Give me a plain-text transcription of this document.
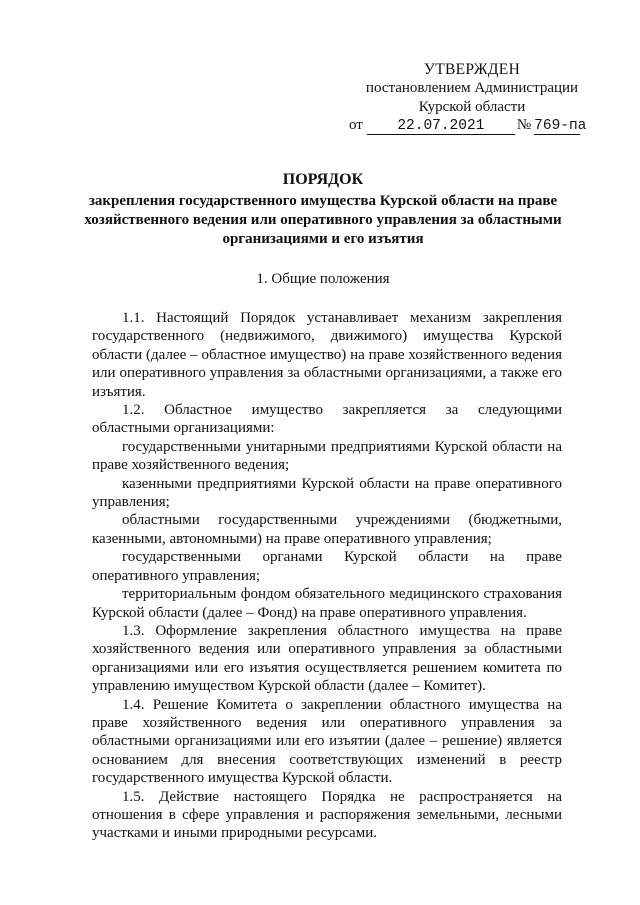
УТВЕРЖДЕН
постановлением Администрации
Курской области
от 22.07.2021 № 769-па
ПОРЯДОК
закрепления государственного имущества Курской области на праве хозяйственного ведения или оперативного управления за областными организациями и его изъятия
1. Общие положения

1.1. Настоящий Порядок устанавливает механизм закрепления государственного (недвижимого, движимого) имущества Курской области (далее – областное имущество) на праве хозяйственного ведения или оперативного управления за областными организациями, а также его изъятия.

1.2. Областное имущество закрепляется за следующими областными организациями:

государственными унитарными предприятиями Курской области на праве хозяйственного ведения;

казенными предприятиями Курской области на праве оперативного управления;

областными государственными учреждениями (бюджетными, казенными, автономными) на праве оперативного управления;

государственными органами Курской области на праве оперативного управления;

территориальным фондом обязательного медицинского страхования Курской области (далее – Фонд) на праве оперативного управления.

1.3. Оформление закрепления областного имущества на праве хозяйственного ведения или оперативного управления за областными организациями или его изъятия осуществляется решением комитета по управлению имуществом Курской области (далее – Комитет).

1.4. Решение Комитета о закреплении областного имущества на праве хозяйственного ведения или оперативного управления за областными организациями или его изъятии (далее – решение) является основанием для внесения соответствующих изменений в реестр государственного имущества Курской области.

1.5. Действие настоящего Порядка не распространяется на отношения в сфере управления и распоряжения земельными, лесными участками и иными природными ресурсами.
